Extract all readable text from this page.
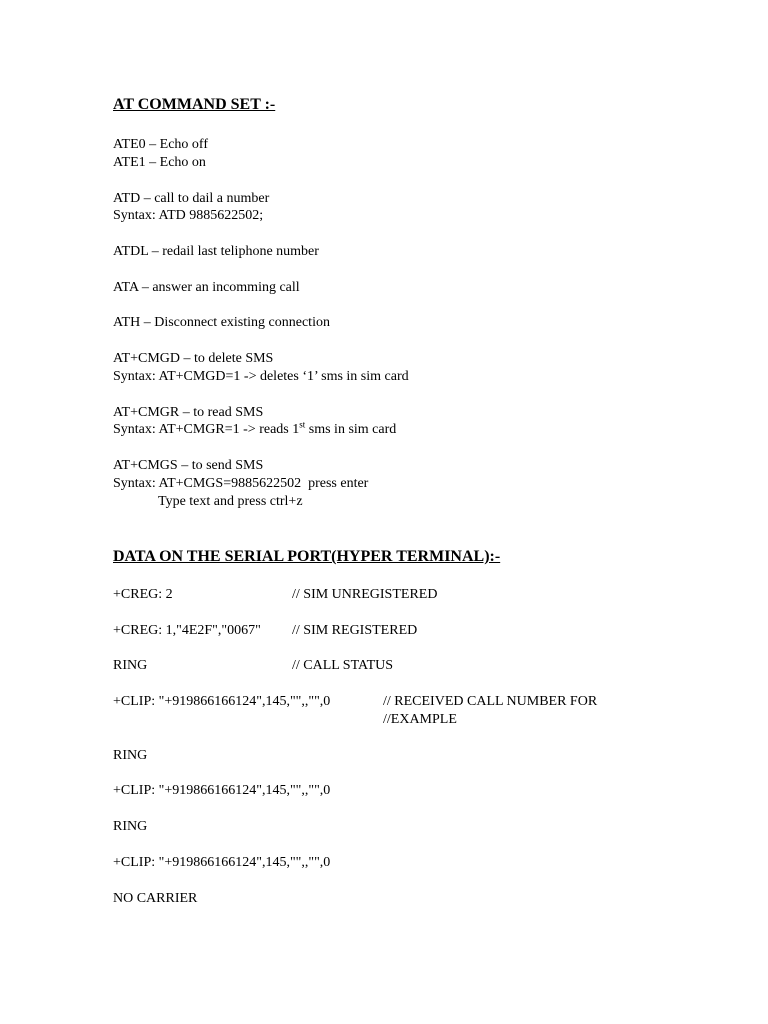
AT COMMAND SET :-
ATE0 – Echo off
ATE1 – Echo on
ATD – call to dail a number
Syntax: ATD 9885622502;
ATDL – redail last teliphone number
ATA – answer an incomming call
ATH – Disconnect existing connection
AT+CMGD – to delete SMS
Syntax: AT+CMGD=1 -> deletes ‘1’ sms in sim card
AT+CMGR – to read SMS
Syntax: AT+CMGR=1 -> reads 1st sms in sim card
AT+CMGS – to send SMS
Syntax: AT+CMGS=9885622502  press enter
Type text and press ctrl+z
DATA ON THE SERIAL PORT(HYPER TERMINAL):-
+CREG: 2	// SIM UNREGISTERED
+CREG: 1,"4E2F","0067" // SIM REGISTERED
RING	// CALL STATUS
+CLIP: "+919866166124",145,"",,"",0	// RECEIVED CALL NUMBER FOR
//EXAMPLE
RING
+CLIP: "+919866166124",145,"",,"",0
RING
+CLIP: "+919866166124",145,"",,"",0
NO CARRIER
